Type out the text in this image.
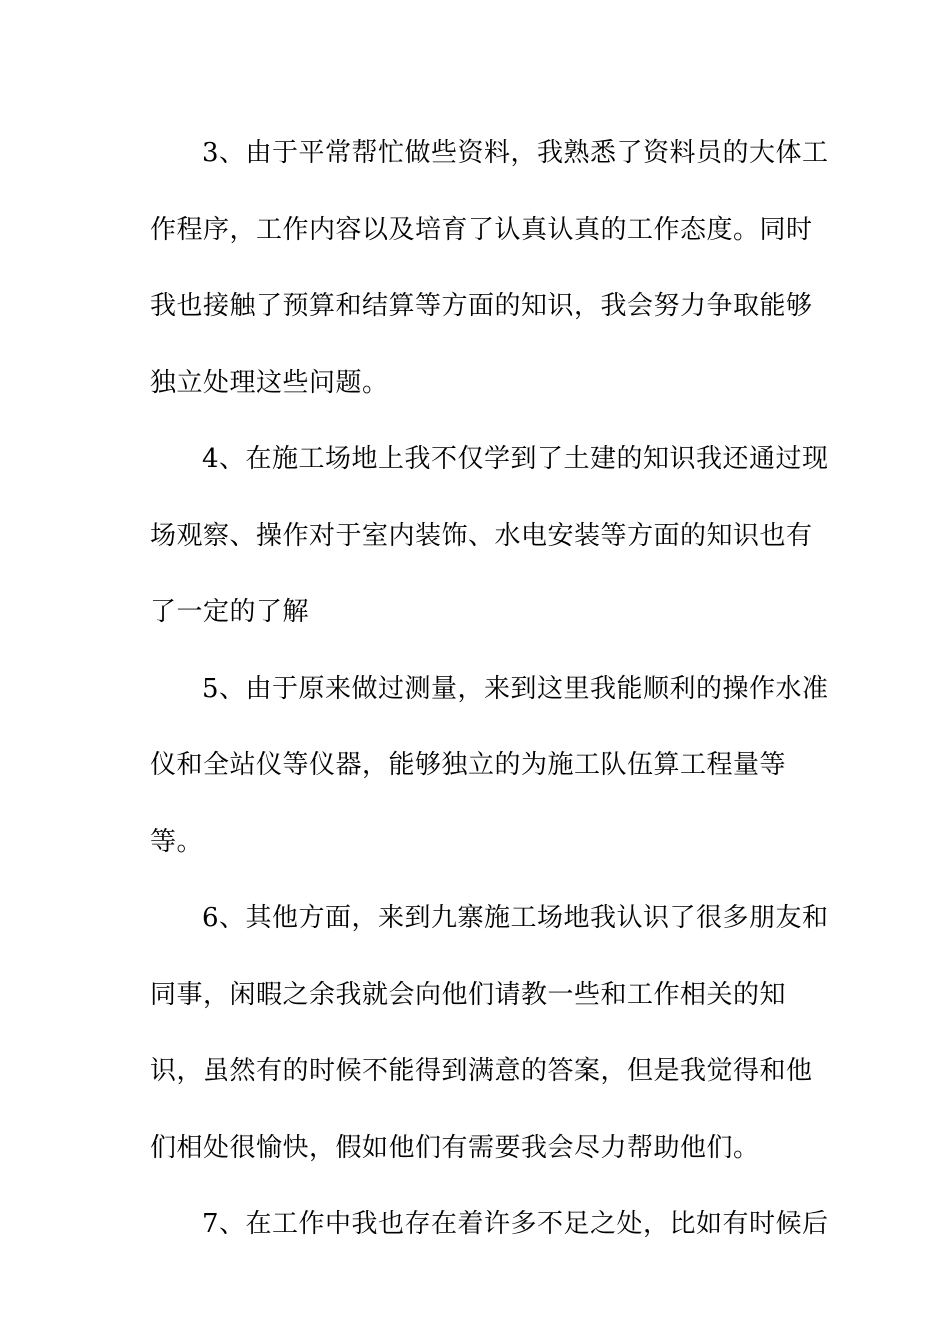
3、由于平常帮忙做些资料，我熟悉了资料员的大体工
作程序，工作内容以及培育了认真认真的工作态度。同时
我也接触了预算和结算等方面的知识，我会努力争取能够
独立处理这些问题。
4、在施工场地上我不仅学到了土建的知识我还通过现
场观察、操作对于室内装饰、水电安装等方面的知识也有
了一定的了解
5、由于原来做过测量，来到这里我能顺利的操作水准
仪和全站仪等仪器，能够独立的为施工队伍算工程量等
等。
6、其他方面，来到九寨施工场地我认识了很多朋友和
同事，闲暇之余我就会向他们请教一些和工作相关的知
识，虽然有的时候不能得到满意的答案，但是我觉得和他
们相处很愉快，假如他们有需要我会尽力帮助他们。
7、在工作中我也存在着许多不足之处，比如有时候后
